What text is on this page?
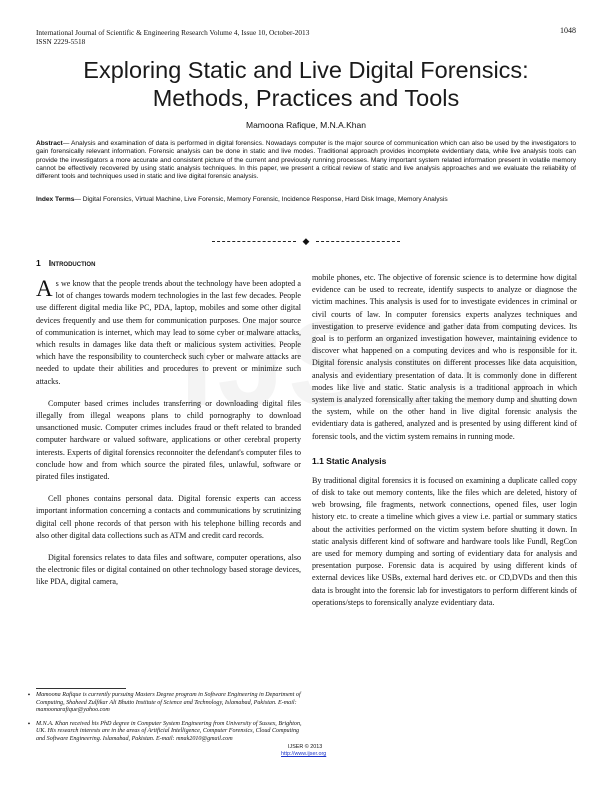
International Journal of Scientific & Engineering Research Volume 4, Issue 10, October-2013
ISSN 2229-5518
1048
Exploring Static and Live Digital Forensics:
Methods, Practices and Tools
Mamoona Rafique, M.N.A.Khan
Abstract— Analysis and examination of data is performed in digital forensics. Nowadays computer is the major source of communication which can also be used by the investigators to gain forensically relevant information. Forensic analysis can be done in static and live modes. Traditional approach provides incomplete evidentiary data, while live analysis tools can provide the investigators a more accurate and consistent picture of the current and previously running processes. Many important system related information present in volatile memory cannot be effectively recovered by using static analysis techniques. In this paper, we present a critical review of static and live analysis approaches and we evaluate the reliability of different tools and techniques used in static and live digital forensic analysis.
Index Terms— Digital Forensics, Virtual Machine, Live Forensic, Memory Forensic, Incidence Response, Hard Disk Image, Memory Analysis
◆
1 Introduction

As we know that the people trends about the technology have been adopted a lot of changes towards modern technologies in the last few decades. People use different digital media like PC, PDA, laptop, mobiles and some other digital devices frequently and use them for communication purposes. One major source of communication is internet, which may lead to some cyber or malware attacks, which results in damages like data theft or malicious system activities. People which have the responsibility to countercheck such cyber or malware attacks are needed to update their abilities and procedures to prevent or minimize such attacks.

Computer based crimes includes transferring or downloading digital files illegally from illegal weapons plans to child pornography to download unsanctioned music. Computer crimes includes fraud or theft related to branded computer hardware or valued software, applications or other cerebral property interests. Experts of digital forensics reconnoiter the defendant's computer files to conclude how and from which source the pirated files, unlawful, software or pirated files instigated.

Cell phones contains personal data. Digital forensic experts can access important information concerning a contacts and communications by scrutinizing digital cell phone records of that person with his telephone billing records and also other digital data collections such as ATM and credit card records.

Digital forensics relates to data files and software, computer operations, also the electronic files or digital contained on other technology based storage devices, like PDA, digital camera,

mobile phones, etc. The objective of forensic science is to determine how digital evidence can be used to recreate, identify suspects to analyze or diagnose the victim machines. This analysis is used for to investigate evidences in criminal or civil courts of law. In computer forensics experts analyzes techniques and investigation to preserve evidence and gather data from computing devices. Its goal is to perform an organized investigation however, maintaining evidence to discover what happened on a computing devices and who is responsible for it. Digital forensic analysis constitutes on different processes like data acquisition, analysis and evidentiary presentation of data. It is commonly done in different modes like live and static. Static analysis is a traditional approach in which system is analyzed forensically after taking the memory dump and shutting down the system, while on the other hand in live digital forensic analysis the evidentiary data is gathered, analyzed and is presented by using different kind of forensic tools, and the victim system remains in running mode.

1.1 Static Analysis

By traditional digital forensics it is focused on examining a duplicate called copy of disk to take out memory contents, like the files which are deleted, history of web browsing, file fragments, network connections, opened files, user login history etc. to create a timeline which gives a view i.e. partial or summary statics about the activities performed on the victim system before shutting it down. In static analysis different kind of software and hardware tools like Fundl, RegCon are used for memory dumping and sorting of evidentiary data for analysis and presentation purpose. Forensic data is acquired by using different kinds of external devices like USBs, external hard derives etc. or CD,DVDs and then this data is brought into the forensic lab for investigators to perform different kinds of operations/steps to forensically analyze evidentiary data.

• Mamoona Rafique is currently pursuing Masters Degree program in Software Engineering in Department of Computing, Shaheed Zulfikar Ali Bhutto Institute of Science and Technology, Islamabad, Pakistan. E-mail: mamoonarafique@yahoo.com
• M.N.A. Khan received his PhD degree in Computer System Engineering from University of Sussex, Brighton, UK. His research interests are in the areas of Artificial Intelligence, Computer Forensics, Cloud Computing and Software Engineering. Islamabad, Pakistan. E-mail: mnak2010@gmail.com
IJSER © 2013
http://www.ijser.org
